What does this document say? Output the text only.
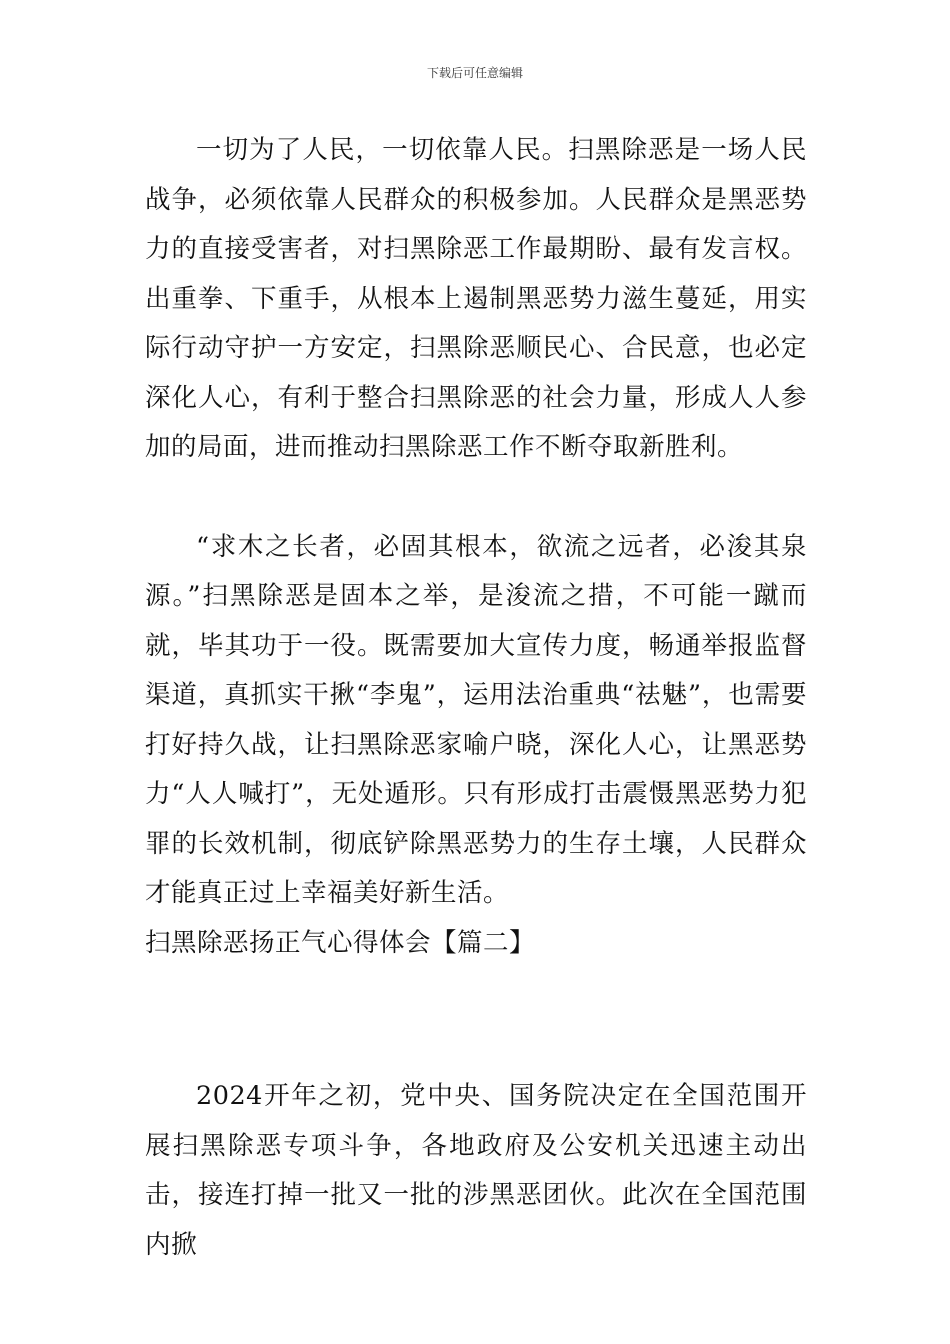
下载后可任意编辑

一切为了人民，一切依靠人民。扫黑除恶是一场人民战争，必须依靠人民群众的积极参加。人民群众是黑恶势力的直接受害者，对扫黑除恶工作最期盼、最有发言权。出重拳、下重手，从根本上遏制黑恶势力滋生蔓延，用实际行动守护一方安定，扫黑除恶顺民心、合民意，也必定深化人心，有利于整合扫黑除恶的社会力量，形成人人参加的局面，进而推动扫黑除恶工作不断夺取新胜利。

“求木之长者，必固其根本，欲流之远者，必浚其泉源。”扫黑除恶是固本之举，是浚流之措，不可能一蹴而就，毕其功于一役。既需要加大宣传力度，畅通举报监督渠道，真抓实干揪“李鬼”，运用法治重典“祛魅”，也需要打好持久战，让扫黑除恶家喻户晓，深化人心，让黑恶势力“人人喊打”，无处遁形。只有形成打击震慑黑恶势力犯罪的长效机制，彻底铲除黑恶势力的生存土壤，人民群众才能真正过上幸福美好新生活。

扫黑除恶扬正气心得体会【篇二】

2024开年之初，党中央、国务院决定在全国范围开展扫黑除恶专项斗争，各地政府及公安机关迅速主动出击，接连打掉一批又一批的涉黑恶团伙。此次在全国范围内掀
